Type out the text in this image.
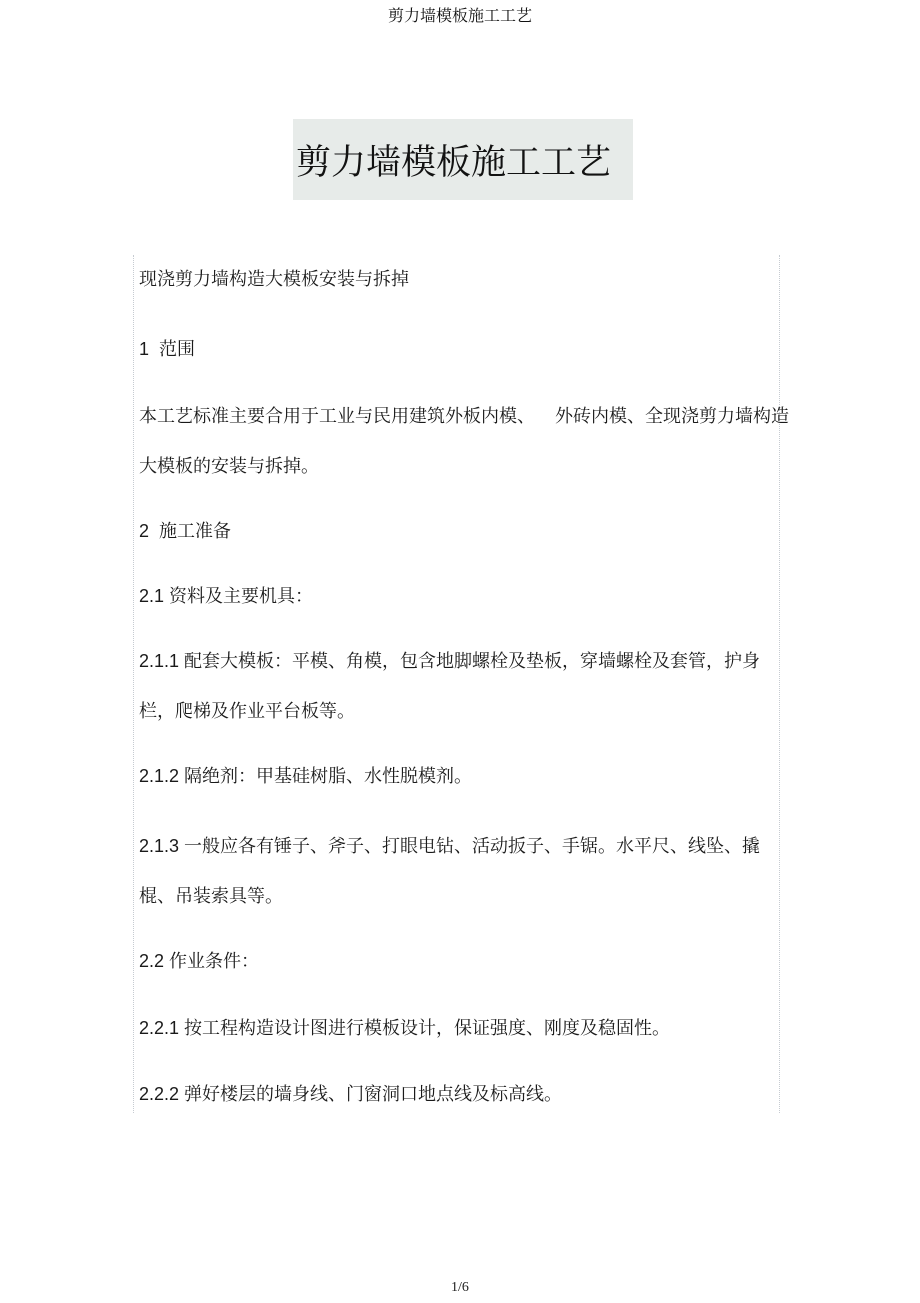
剪力墙模板施工工艺
剪力墙模板施工工艺

现浇剪力墙构造大模板安装与拆掉

1  范围

本工艺标准主要合用于工业与民用建筑外板内模、    外砖内模、全现浇剪力墙构造

大模板的安装与拆掉。

2  施工准备

2.1 资料及主要机具：

2.1.1 配套大模板：平模、角模，包含地脚螺栓及垫板，穿墙螺栓及套管，护身

栏，爬梯及作业平台板等。

2.1.2 隔绝剂：甲基硅树脂、水性脱模剂。

2.1.3 一般应各有锤子、斧子、打眼电钻、活动扳子、手锯。水平尺、线坠、撬

棍、吊装索具等。

2.2 作业条件：

2.2.1 按工程构造设计图进行模板设计，保证强度、刚度及稳固性。

2.2.2 弹好楼层的墙身线、门窗洞口地点线及标高线。

1/6
